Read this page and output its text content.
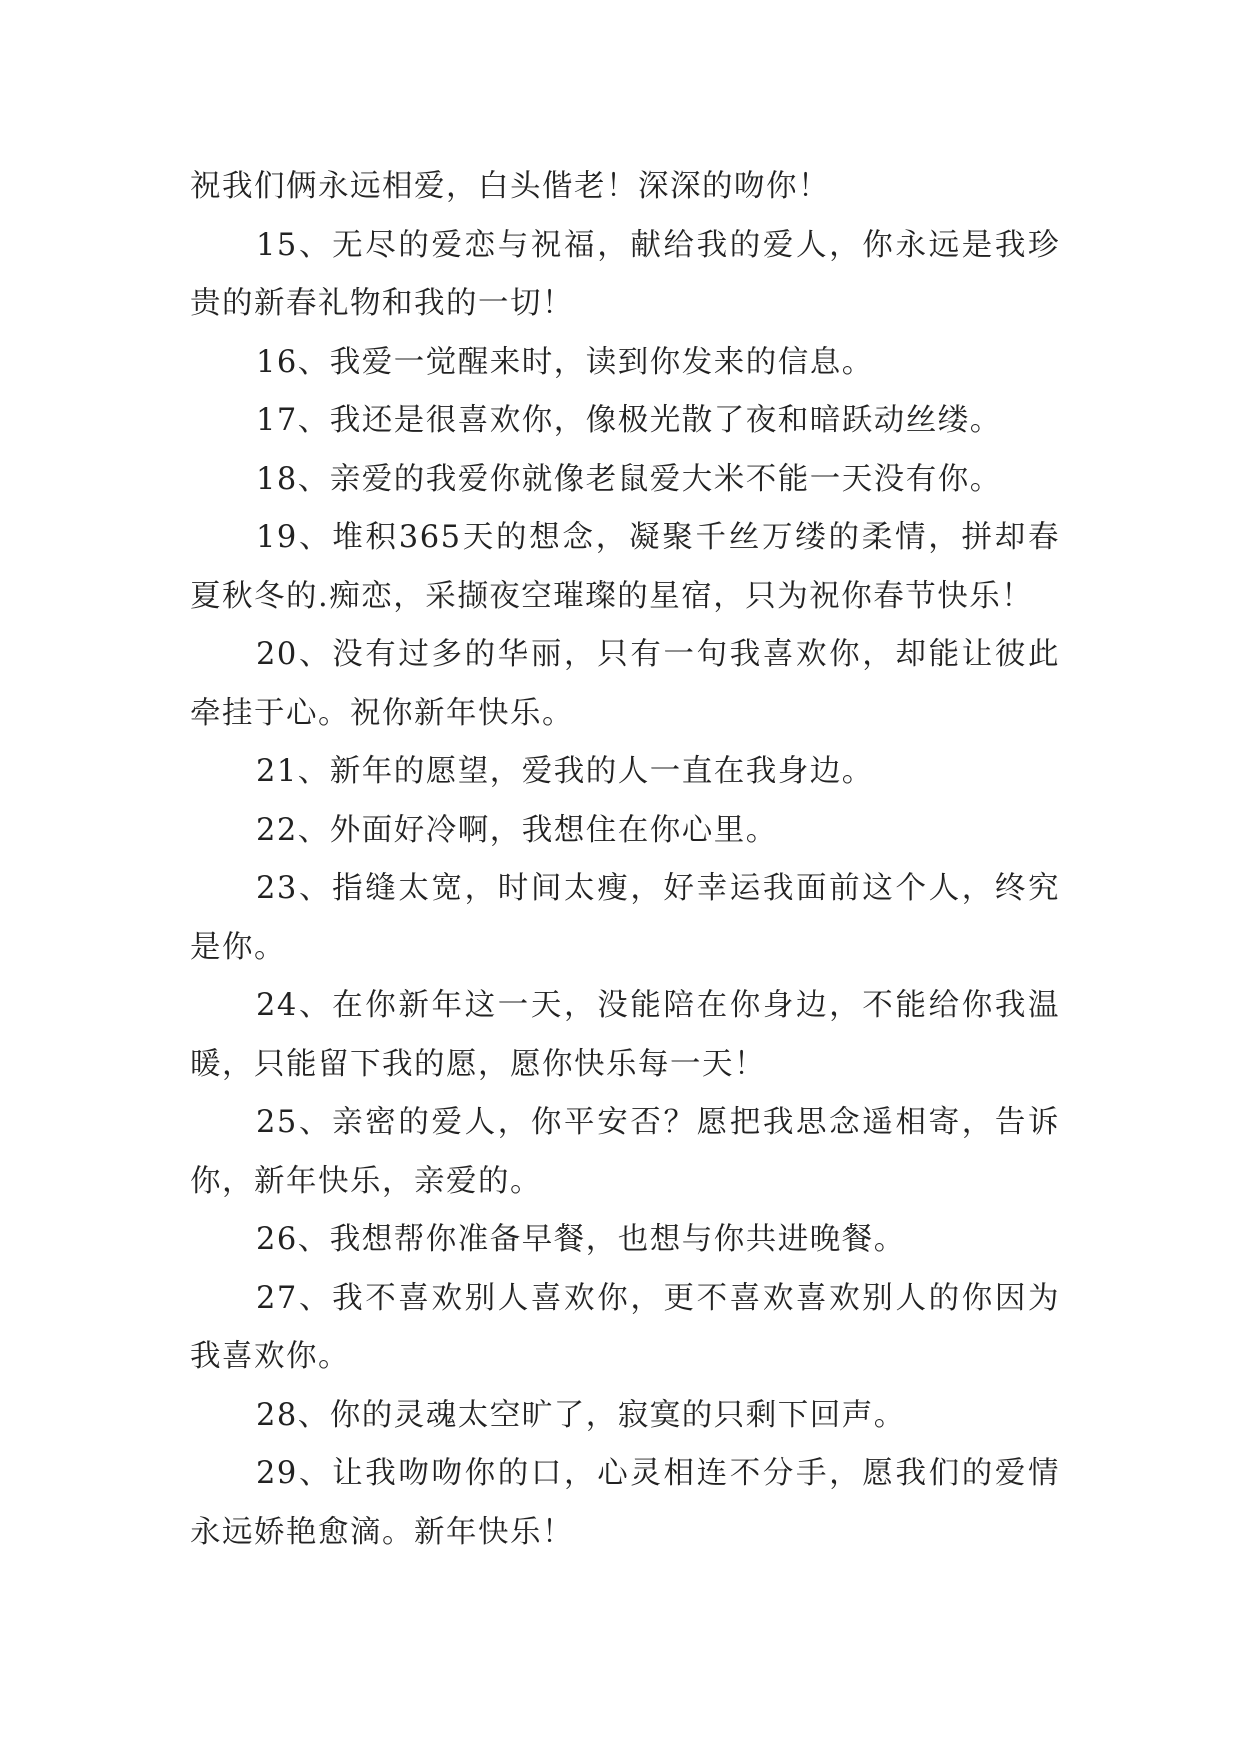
祝我们俩永远相爱，白头偕老！深深的吻你！

15、无尽的爱恋与祝福，献给我的爱人，你永远是我珍贵的新春礼物和我的一切！

16、我爱一觉醒来时，读到你发来的信息。

17、我还是很喜欢你，像极光散了夜和暗跃动丝缕。

18、亲爱的我爱你就像老鼠爱大米不能一天没有你。

19、堆积365天的想念，凝聚千丝万缕的柔情，拼却春夏秋冬的.痴恋，采撷夜空璀璨的星宿，只为祝你春节快乐！

20、没有过多的华丽，只有一句我喜欢你，却能让彼此牵挂于心。祝你新年快乐。

21、新年的愿望，爱我的人一直在我身边。

22、外面好冷啊，我想住在你心里。

23、指缝太宽，时间太瘦，好幸运我面前这个人，终究是你。

24、在你新年这一天，没能陪在你身边，不能给你我温暖，只能留下我的愿，愿你快乐每一天！

25、亲密的爱人，你平安否？愿把我思念遥相寄，告诉你，新年快乐，亲爱的。

26、我想帮你准备早餐，也想与你共进晚餐。

27、我不喜欢别人喜欢你，更不喜欢喜欢别人的你因为我喜欢你。

28、你的灵魂太空旷了，寂寞的只剩下回声。

29、让我吻吻你的口，心灵相连不分手，愿我们的爱情永远娇艳愈滴。新年快乐！
